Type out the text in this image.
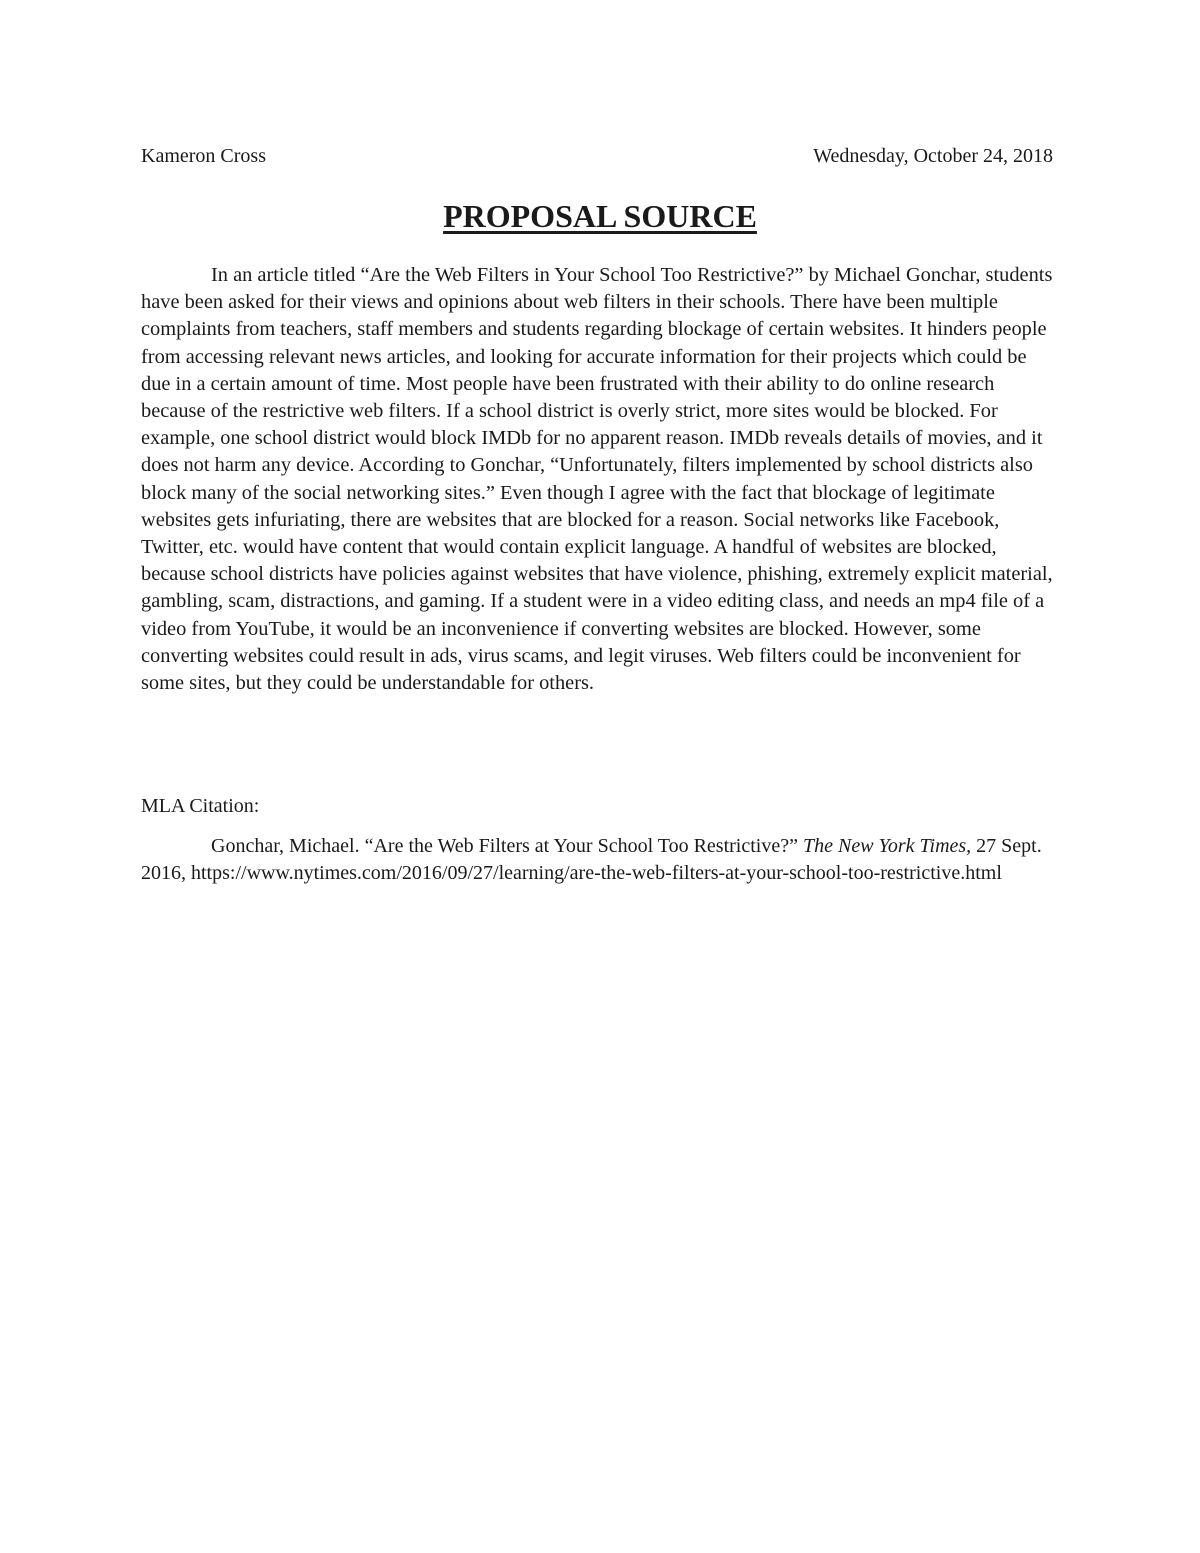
Kameron Cross	Wednesday, October 24, 2018
PROPOSAL SOURCE

In an article titled “Are the Web Filters in Your School Too Restrictive?” by Michael Gonchar, students have been asked for their views and opinions about web filters in their schools. There have been multiple complaints from teachers, staff members and students regarding blockage of certain websites. It hinders people from accessing relevant news articles, and looking for accurate information for their projects which could be due in a certain amount of time. Most people have been frustrated with their ability to do online research because of the restrictive web filters. If a school district is overly strict, more sites would be blocked. For example, one school district would block IMDb for no apparent reason. IMDb reveals details of movies, and it does not harm any device. According to Gonchar, “Unfortunately, filters implemented by school districts also block many of the social networking sites.” Even though I agree with the fact that blockage of legitimate websites gets infuriating, there are websites that are blocked for a reason. Social networks like Facebook, Twitter, etc. would have content that would contain explicit language. A handful of websites are blocked, because school districts have policies against websites that have violence, phishing, extremely explicit material, gambling, scam, distractions, and gaming. If a student were in a video editing class, and needs an mp4 file of a video from YouTube, it would be an inconvenience if converting websites are blocked. However, some converting websites could result in ads, virus scams, and legit viruses. Web filters could be inconvenient for some sites, but they could be understandable for others.

MLA Citation:

Gonchar, Michael. “Are the Web Filters at Your School Too Restrictive?” The New York Times, 27 Sept. 2016, https://www.nytimes.com/2016/09/27/learning/are-the-web-filters-at-your-school-too-restrictive.html
